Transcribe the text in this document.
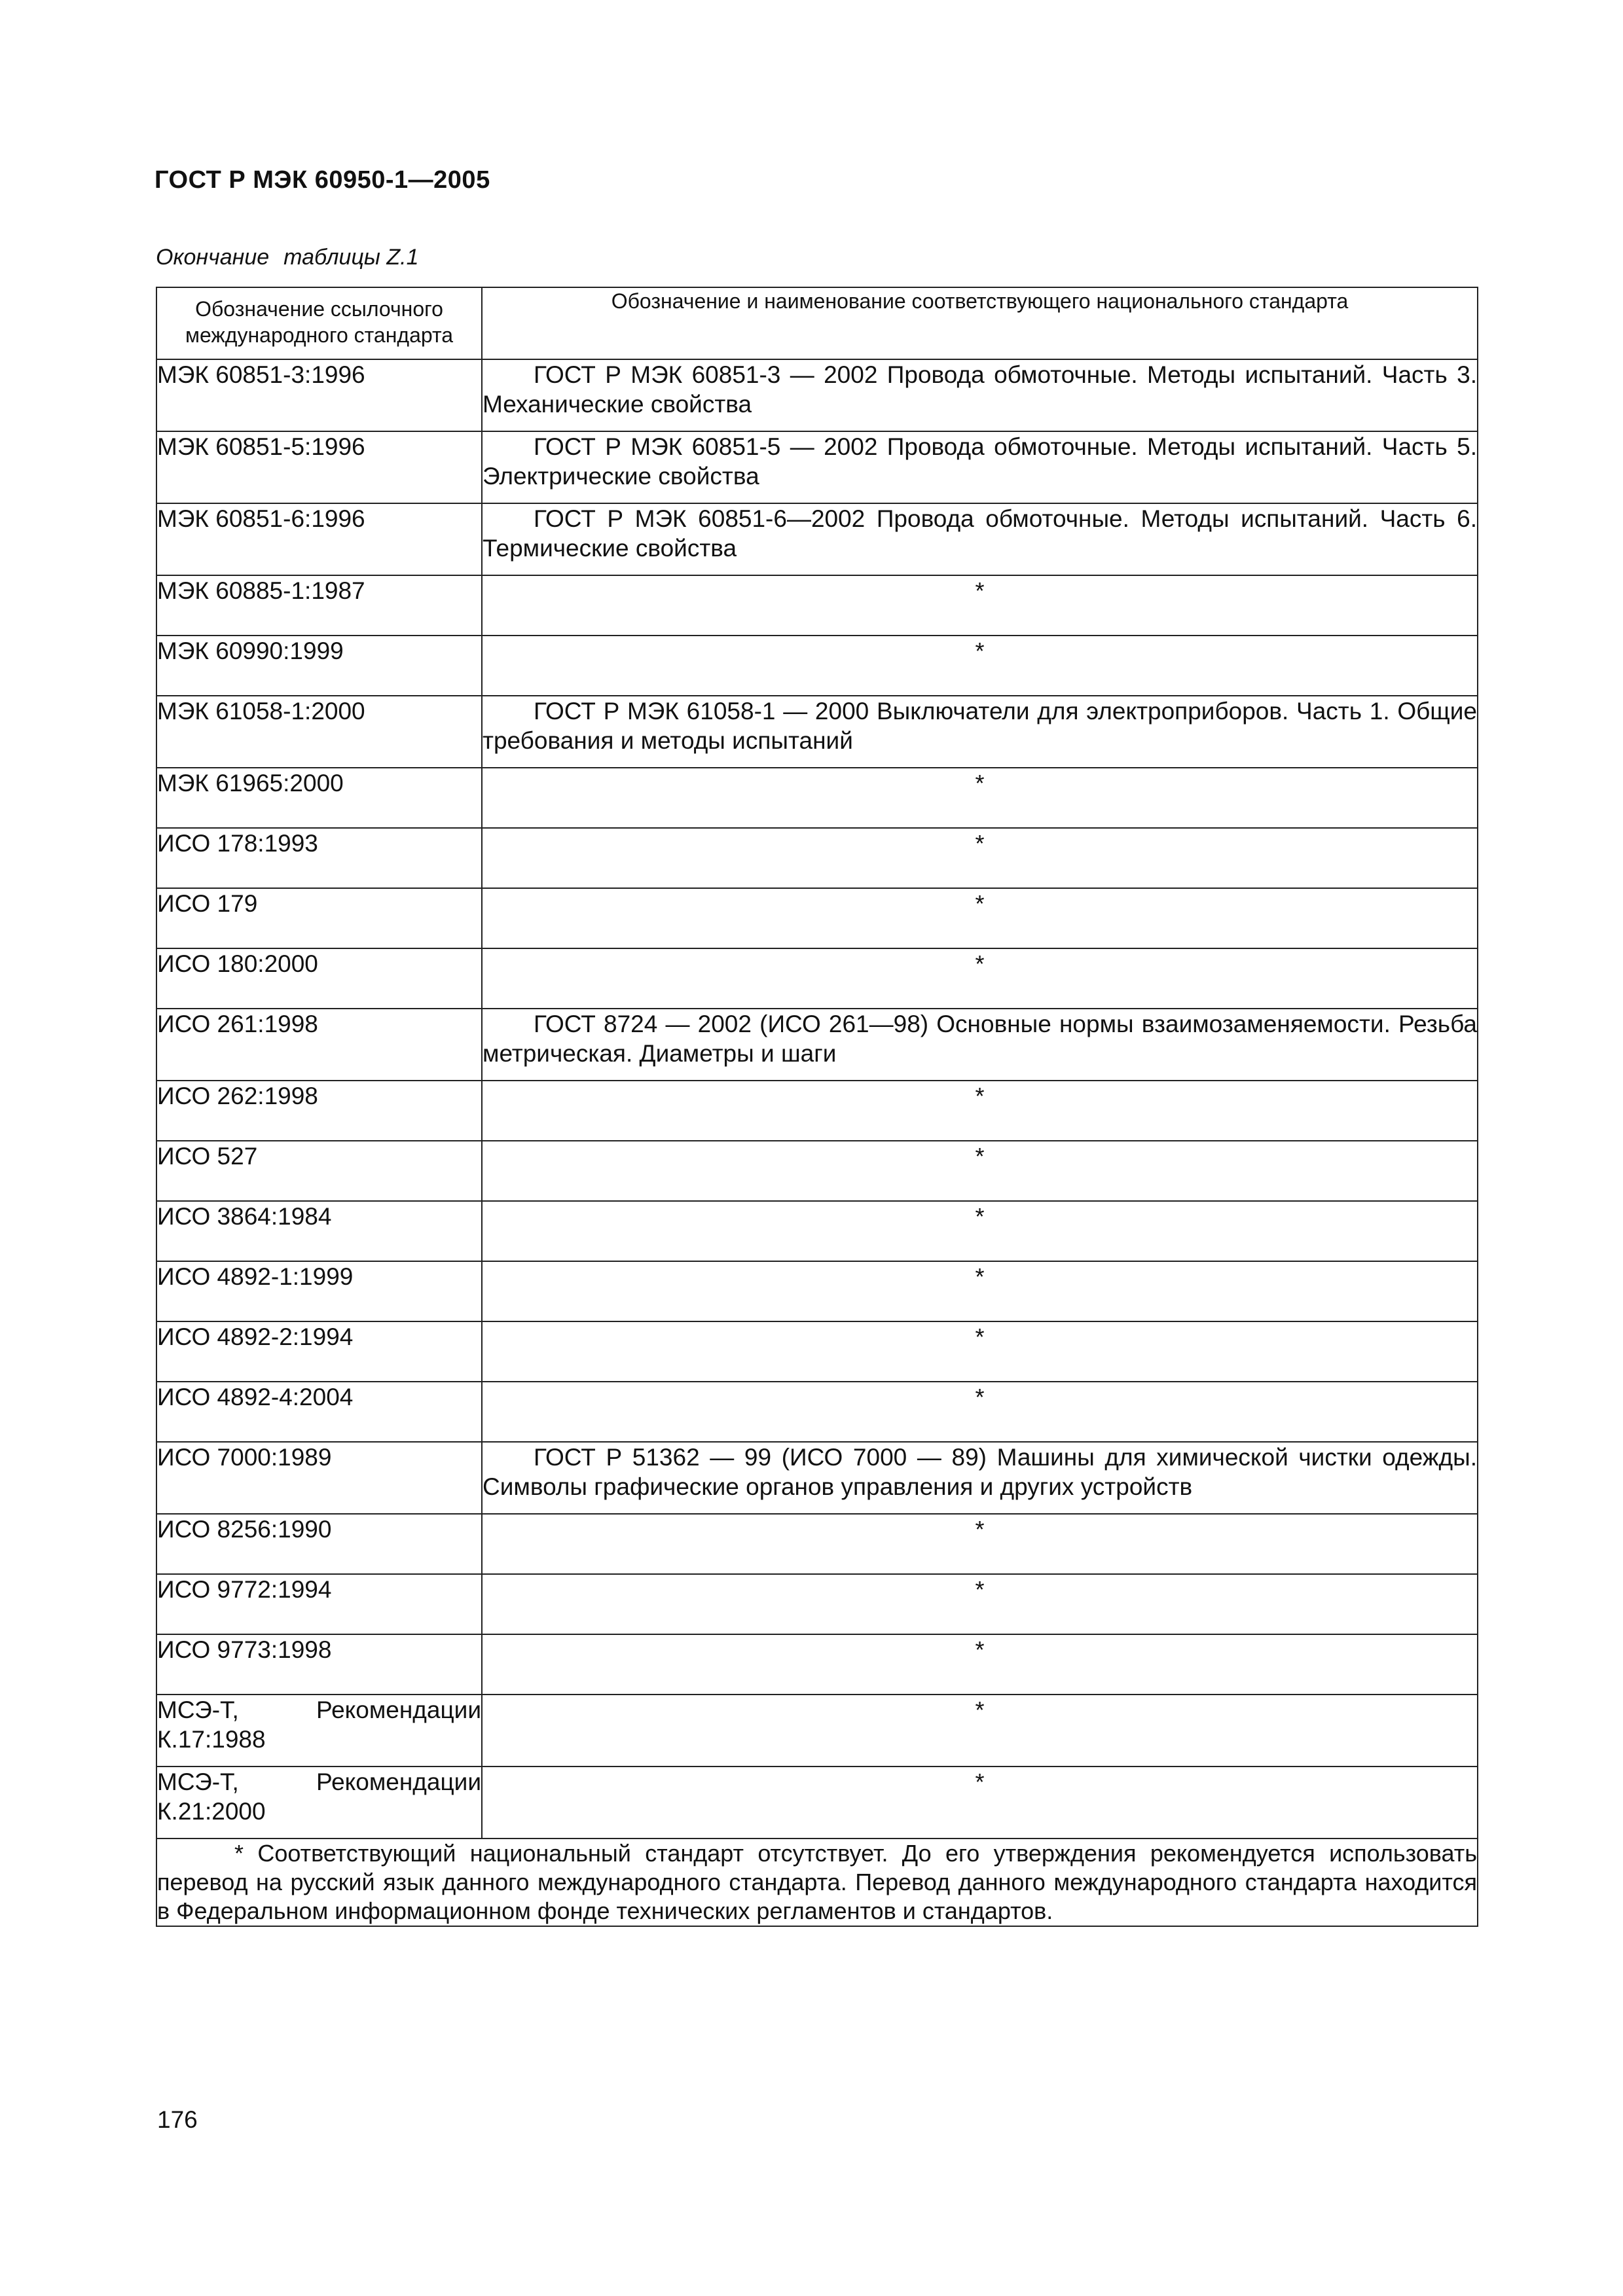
ГОСТ Р МЭК 60950-1—2005
Окончание таблицы Z.1
Обозначение ссылочного международного стандарта	Обозначение и наименование соответствующего национального стандарта
МЭК 60851-3:1996	ГОСТ Р МЭК 60851-3 — 2002 Провода обмоточные. Методы испытаний. Часть 3. Механические свойства
МЭК 60851-5:1996	ГОСТ Р МЭК 60851-5 — 2002 Провода обмоточные. Методы испытаний. Часть 5. Электрические свойства
МЭК 60851-6:1996	ГОСТ Р МЭК 60851-6—2002 Провода обмоточные. Методы испытаний. Часть 6. Термические свойства
МЭК 60885-1:1987	*
МЭК 60990:1999	*
МЭК 61058-1:2000	ГОСТ Р МЭК 61058-1 — 2000 Выключатели для электроприборов. Часть 1. Общие требования и методы испытаний
МЭК 61965:2000	*
ИСО 178:1993	*
ИСО 179	*
ИСО 180:2000	*
ИСО 261:1998	ГОСТ 8724 — 2002 (ИСО 261—98) Основные нормы взаимозаменяемости. Резьба метрическая. Диаметры и шаги
ИСО 262:1998	*
ИСО 527	*
ИСО 3864:1984	*
ИСО 4892-1:1999	*
ИСО 4892-2:1994	*
ИСО 4892-4:2004	*
ИСО 7000:1989	ГОСТ Р 51362 — 99 (ИСО 7000 — 89) Машины для химической чистки одежды. Символы графические органов управления и других устройств
ИСО 8256:1990	*
ИСО 9772:1994	*
ИСО 9773:1998	*
МСЭ-Т, Рекомендации К.17:1988	*
МСЭ-Т, Рекомендации К.21:2000	*

* Соответствующий национальный стандарт отсутствует. До его утверждения рекомендуется использовать перевод на русский язык данного международного стандарта. Перевод данного международного стандарта находится в Федеральном информационном фонде технических регламентов и стандартов.	
176
